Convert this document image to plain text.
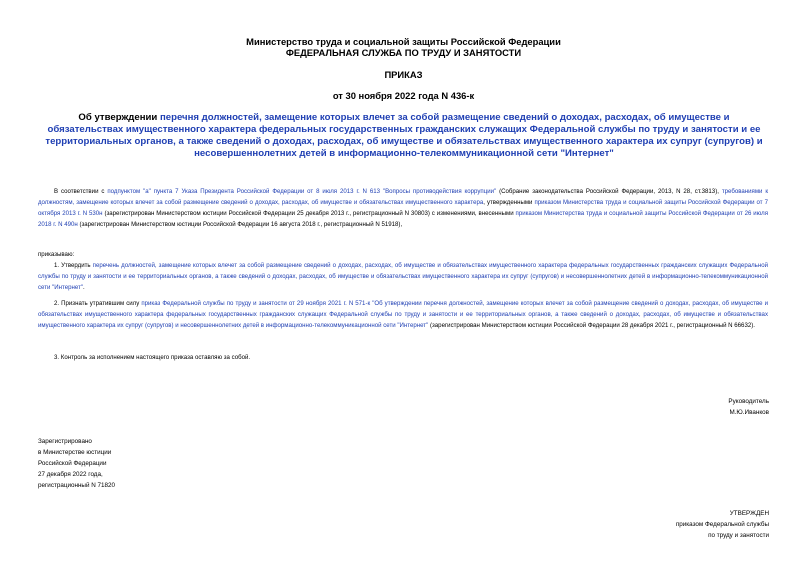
Министерство труда и социальной защиты Российской Федерации
ФЕДЕРАЛЬНАЯ СЛУЖБА ПО ТРУДУ И ЗАНЯТОСТИ
ПРИКАЗ
от 30 ноября 2022 года N 436-к
Об утверждении перечня должностей, замещение которых влечет за собой размещение сведений о доходах, расходах, об имуществе и обязательствах имущественного характера федеральных государственных гражданских служащих Федеральной службы по труду и занятости и ее территориальных органов, а также сведений о доходах, расходах, об имуществе и обязательствах имущественного характера их супруг (супругов) и несовершеннолетних детей в информационно-телекоммуникационной сети "Интернет"
В соответствии с подпунктом "а" пункта 7 Указа Президента Российской Федерации от 8 июля 2013 г. N 613 "Вопросы противодействия коррупции" (Собрание законодательства Российской Федерации, 2013, N 28, ст.3813), требованиями к должностям, замещение которых влечет за собой размещение сведений о доходах, расходах, об имуществе и обязательствах имущественного характера, утвержденными приказом Министерства труда и социальной защиты Российской Федерации от 7 октября 2013 г. N 530н (зарегистрирован Министерством юстиции Российской Федерации 25 декабря 2013 г., регистрационный N 30803) с изменениями, внесенными приказом Министерства труда и социальной защиты Российской Федерации от 26 июля 2018 г. N 490н (зарегистрирован Министерством юстиции Российской Федерации 16 августа 2018 г., регистрационный N 51918),
приказываю:
1. Утвердить перечень должностей, замещение которых влечет за собой размещение сведений о доходах, расходах, об имуществе и обязательствах имущественного характера федеральных государственных гражданских служащих Федеральной службы по труду и занятости и ее территориальных органов, а также сведений о доходах, расходах, об имуществе и обязательствах имущественного характера их супруг (супругов) и несовершеннолетних детей в информационно-телекоммуникационной сети "Интернет".
2. Признать утратившим силу приказ Федеральной службы по труду и занятости от 29 ноября 2021 г. N 571-к "Об утверждении перечня должностей, замещение которых влечет за собой размещение сведений о доходах, расходах, об имуществе и обязательствах имущественного характера федеральных государственных гражданских служащих Федеральной службы по труду и занятости и ее территориальных органов, а также сведений о доходах, расходах, об имуществе и обязательствах имущественного характера их супруг (супругов) и несовершеннолетних детей в информационно-телекоммуникационной сети "Интернет" (зарегистрирован Министерством юстиции Российской Федерации 28 декабря 2021 г., регистрационный N 66632).
3. Контроль за исполнением настоящего приказа оставляю за собой.
Руководитель
М.Ю.Иванков
Зарегистрировано
в Министерстве юстиции
Российской Федерации
27 декабря 2022 года,
регистрационный N 71820
УТВЕРЖДЕН
приказом Федеральной службы
по труду и занятости
